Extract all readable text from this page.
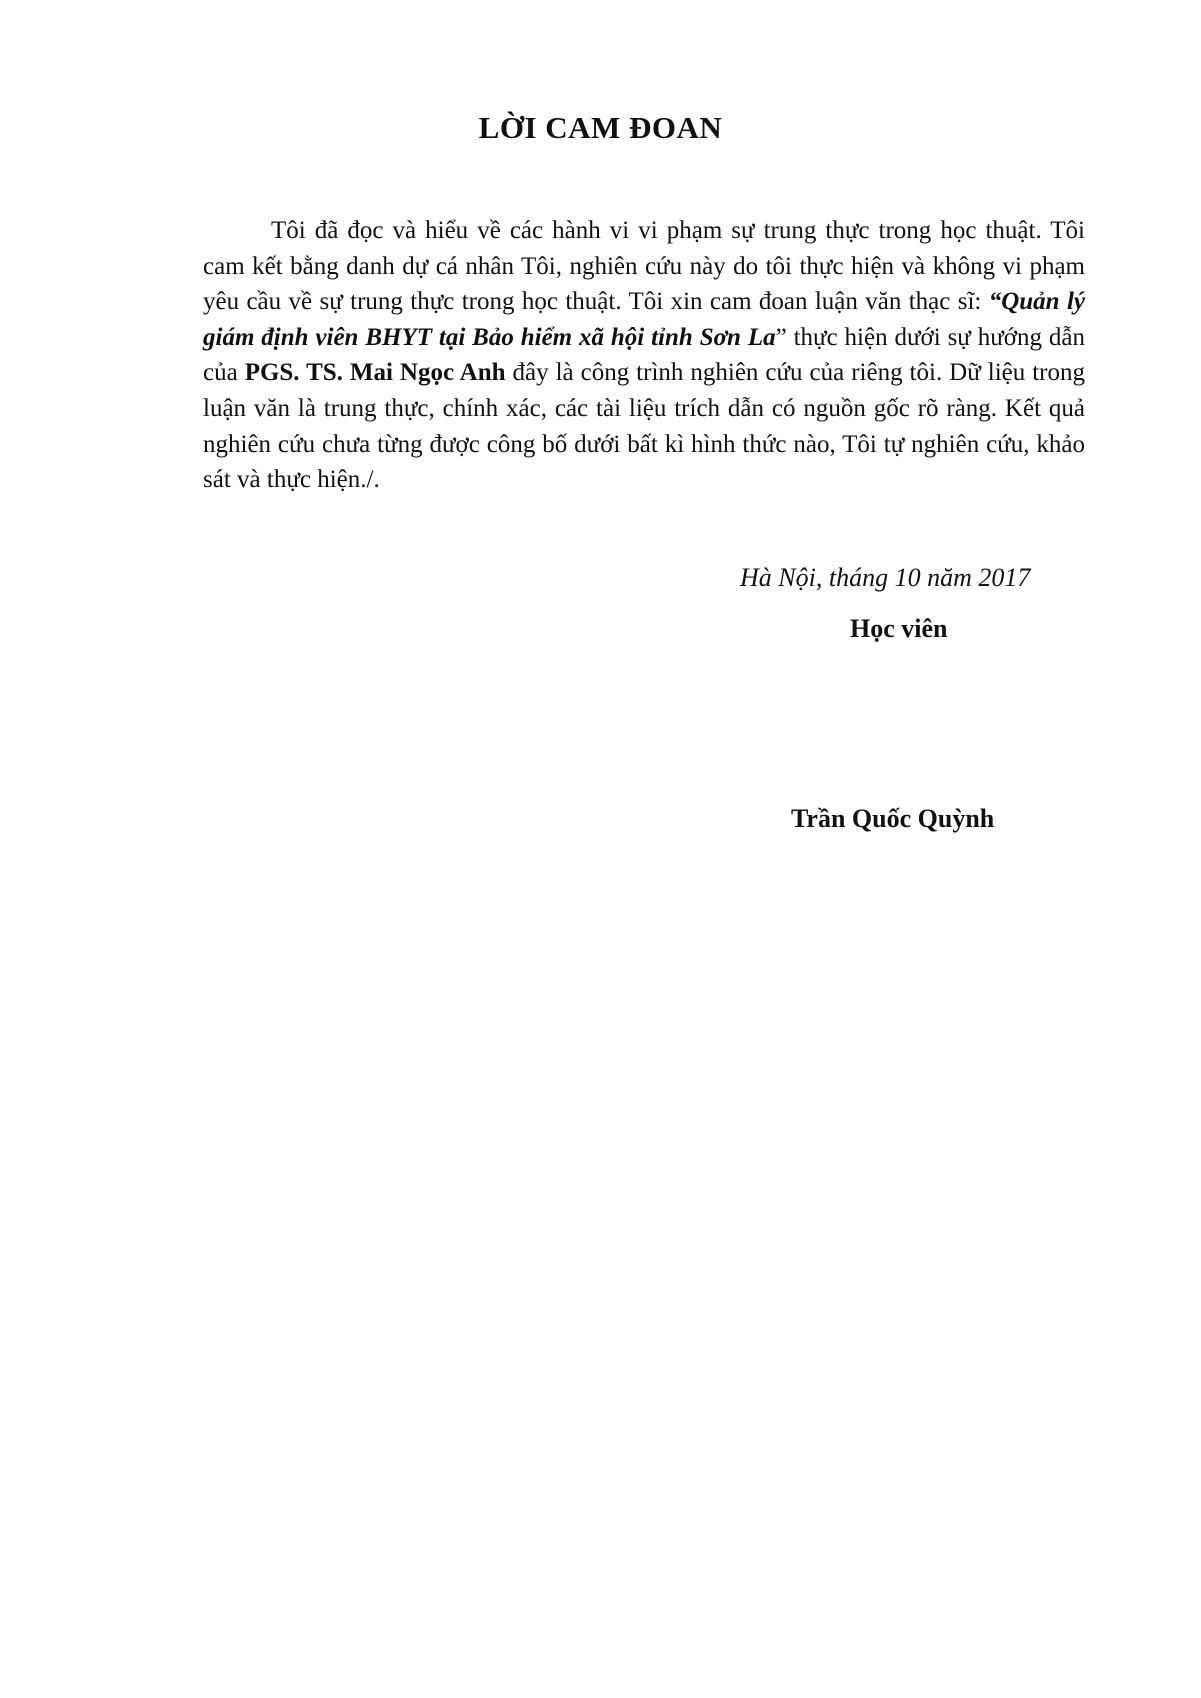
LỜI CAM ĐOAN

Tôi đã đọc và hiểu về các hành vi vi phạm sự trung thực trong học thuật. Tôi cam kết bằng danh dự cá nhân Tôi, nghiên cứu này do tôi thực hiện và không vi phạm yêu cầu về sự trung thực trong học thuật. Tôi xin cam đoan luận văn thạc sĩ: “Quản lý giám định viên BHYT tại Bảo hiểm xã hội tỉnh Sơn La” thực hiện dưới sự hướng dẫn của PGS. TS. Mai Ngọc Anh đây là công trình nghiên cứu của riêng tôi. Dữ liệu trong luận văn là trung thực, chính xác, các tài liệu trích dẫn có nguồn gốc rõ ràng. Kết quả nghiên cứu chưa từng được công bố dưới bất kì hình thức nào, Tôi tự nghiên cứu, khảo sát và thực hiện./.

Hà Nội, tháng 10 năm 2017
Học viên
Trần Quốc Quỳnh
